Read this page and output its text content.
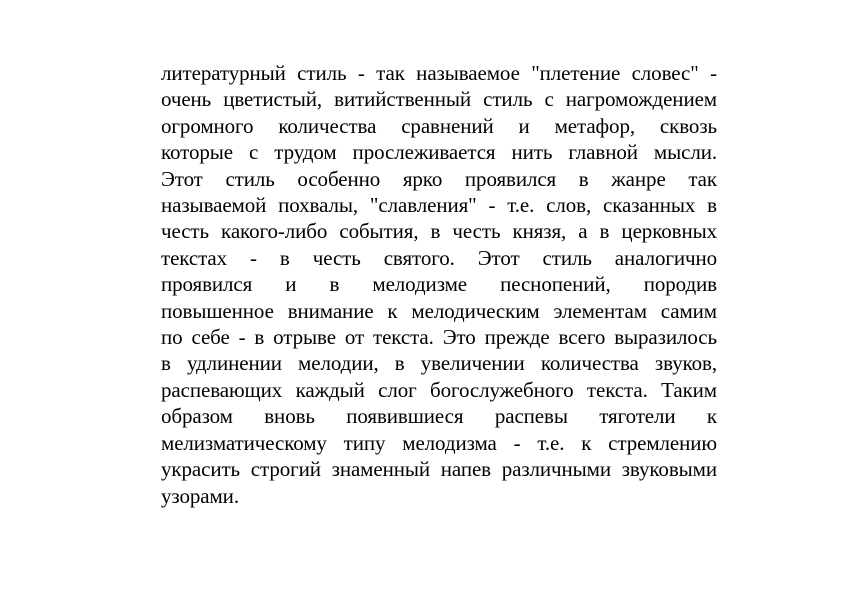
литературный стиль - так называемое "плетение словес" -
очень цветистый, витийственный стиль с нагромождением
огромного количества сравнений и метафор, сквозь
которые с трудом прослеживается нить главной мысли.
Этот стиль особенно ярко проявился в жанре так
называемой похвалы, "славления" - т.е. слов, сказанных в
честь какого-либо события, в честь князя, а в церковных
текстах - в честь святого. Этот стиль аналогично
проявился и в мелодизме песнопений, породив
повышенное внимание к мелодическим элементам самим
по себе - в отрыве от текста. Это прежде всего выразилось
в удлинении мелодии, в увеличении количества звуков,
распевающих каждый слог богослужебного текста. Таким
образом вновь появившиеся распевы тяготели к
мелизматическому типу мелодизма - т.е. к стремлению
украсить строгий знаменный напев различными звуковыми
узорами.
